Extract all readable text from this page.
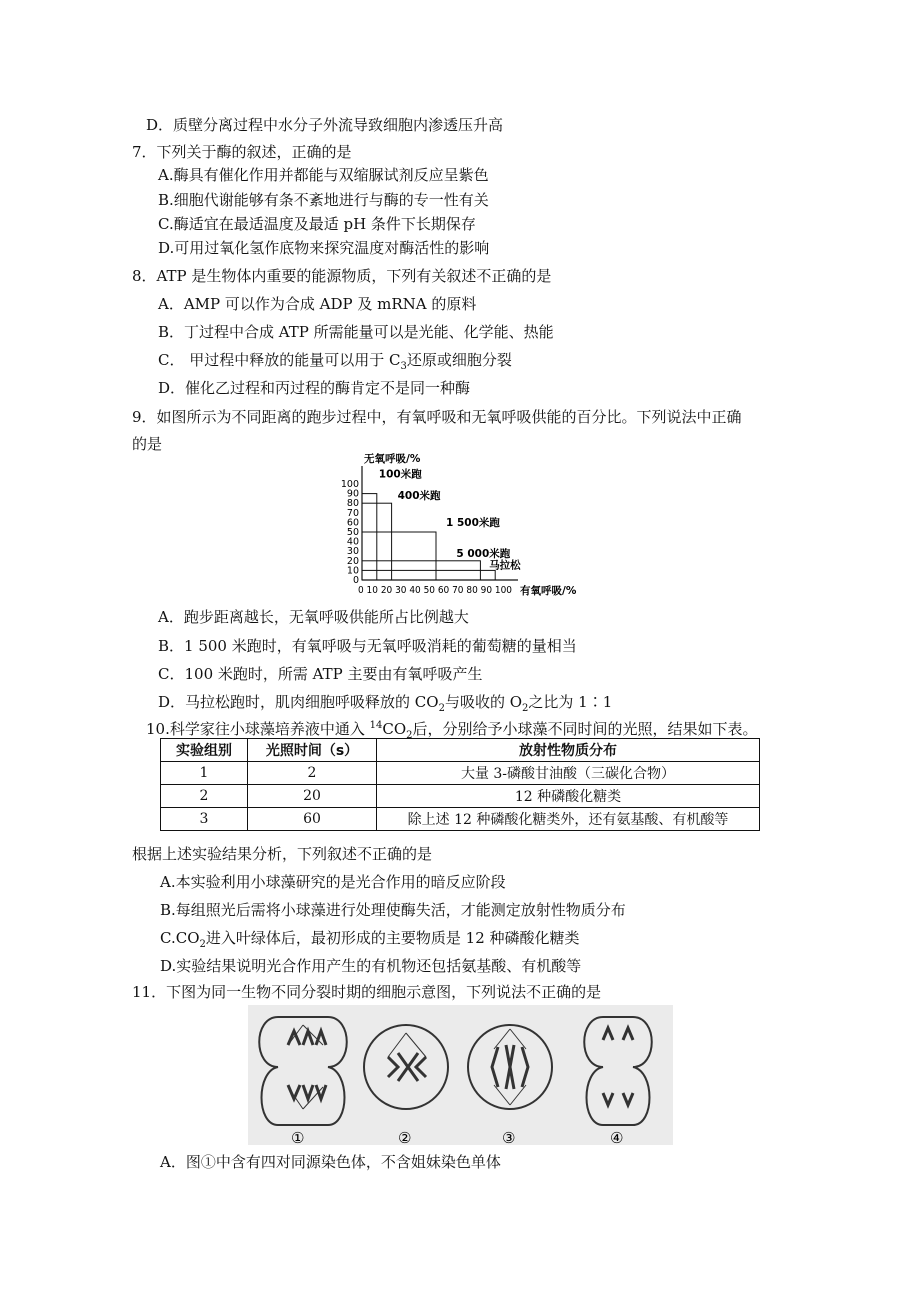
D．质壁分离过程中水分子外流导致细胞内渗透压升高
7．下列关于酶的叙述，正确的是
A.酶具有催化作用并都能与双缩脲试剂反应呈紫色
B.细胞代谢能够有条不紊地进行与酶的专一性有关
C.酶适宜在最适温度及最适 pH 条件下长期保存
D.可用过氧化氢作底物来探究温度对酶活性的影响
8．ATP 是生物体内重要的能源物质，下列有关叙述不正确的是
A．AMP 可以作为合成 ADP 及 mRNA 的原料
B．丁过程中合成 ATP 所需能量可以是光能、化学能、热能
C． 甲过程中释放的能量可以用于 $C_3$还原或细胞分裂
D．催化乙过程和丙过程的酶肯定不是同一种酶
9．如图所示为不同距离的跑步过程中，有氧呼吸和无氧呼吸供能的百分比。下列说法中正确
的是
0
10
20
30
40
50
60
70
80
90
100
0 10 20 30 40 50 60 70 80 90 100
无氧呼吸/%
有氧呼吸/%
100米跑
400米跑
1 500米跑
5 000米跑
马拉松
A．跑步距离越长，无氧呼吸供能所占比例越大
B．1 500 米跑时，有氧呼吸与无氧呼吸消耗的葡萄糖的量相当
C．100 米跑时，所需 ATP 主要由有氧呼吸产生
D．马拉松跑时，肌肉细胞呼吸释放的 $CO_2$与吸收的 $O_2$之比为 1∶1
10.科学家往小球藻培养液中通入 $^{14}CO_2$后，分别给予小球藻不同时间的光照，结果如下表。
实验组别	光照时间（s）	放射性物质分布
1	2	大量 3-磷酸甘油酸（三碳化合物）
2	20	12 种磷酸化糖类
3	60	除上述 12 种磷酸化糖类外，还有氨基酸、有机酸等
根据上述实验结果分析，下列叙述不正确的是
A.本实验利用小球藻研究的是光合作用的暗反应阶段
B.每组照光后需将小球藻进行处理使酶失活，才能测定放射性物质分布
$C.CO_2$进入叶绿体后，最初形成的主要物质是 12 种磷酸化糖类
D.实验结果说明光合作用产生的有机物还包括氨基酸、有机酸等
11．下图为同一生物不同分裂时期的细胞示意图，下列说法不正确的是
①	②	③	④
A．图①中含有四对同源染色体，不含姐妹染色单体
